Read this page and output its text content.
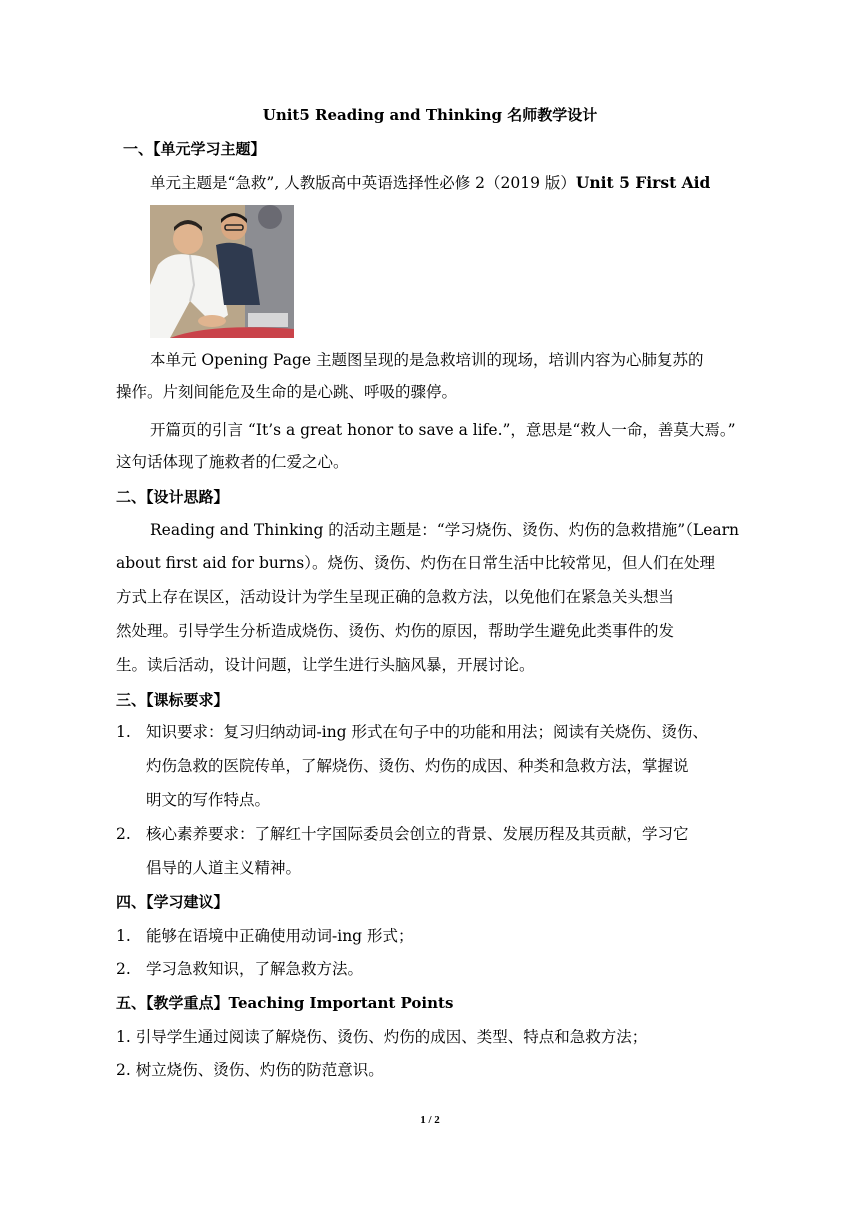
Unit5 Reading and Thinking 名师教学设计
一、【单元学习主题】
单元主题是“急救”, 人教版高中英语选择性必修 2（2019 版）Unit 5 First Aid
本单元 Opening Page 主题图呈现的是急救培训的现场，培训内容为心肺复苏的
操作。片刻间能危及生命的是心跳、呼吸的骤停。
开篇页的引言 “It’s a great honor to save a life.”，意思是“救人一命，善莫大焉。”
这句话体现了施救者的仁爱之心。
二、【设计思路】
Reading and Thinking 的活动主题是：“学习烧伤、烫伤、灼伤的急救措施”（Learn
about first aid for burns）。烧伤、烫伤、灼伤在日常生活中比较常见，但人们在处理
方式上存在误区，活动设计为学生呈现正确的急救方法，以免他们在紧急关头想当
然处理。引导学生分析造成烧伤、烫伤、灼伤的原因，帮助学生避免此类事件的发
生。读后活动，设计问题，让学生进行头脑风暴，开展讨论。
三、【课标要求】
1. 知识要求：复习归纳动词-ing 形式在句子中的功能和用法；阅读有关烧伤、烫伤、
灼伤急救的医院传单，了解烧伤、烫伤、灼伤的成因、种类和急救方法，掌握说
明文的写作特点。
2. 核心素养要求：了解红十字国际委员会创立的背景、发展历程及其贡献，学习它
倡导的人道主义精神。
四、【学习建议】
1. 能够在语境中正确使用动词-ing 形式；
2. 学习急救知识，了解急救方法。
五、【教学重点】Teaching Important Points
1. 引导学生通过阅读了解烧伤、烫伤、灼伤的成因、类型、特点和急救方法；
2. 树立烧伤、烫伤、灼伤的防范意识。
1 / 2
